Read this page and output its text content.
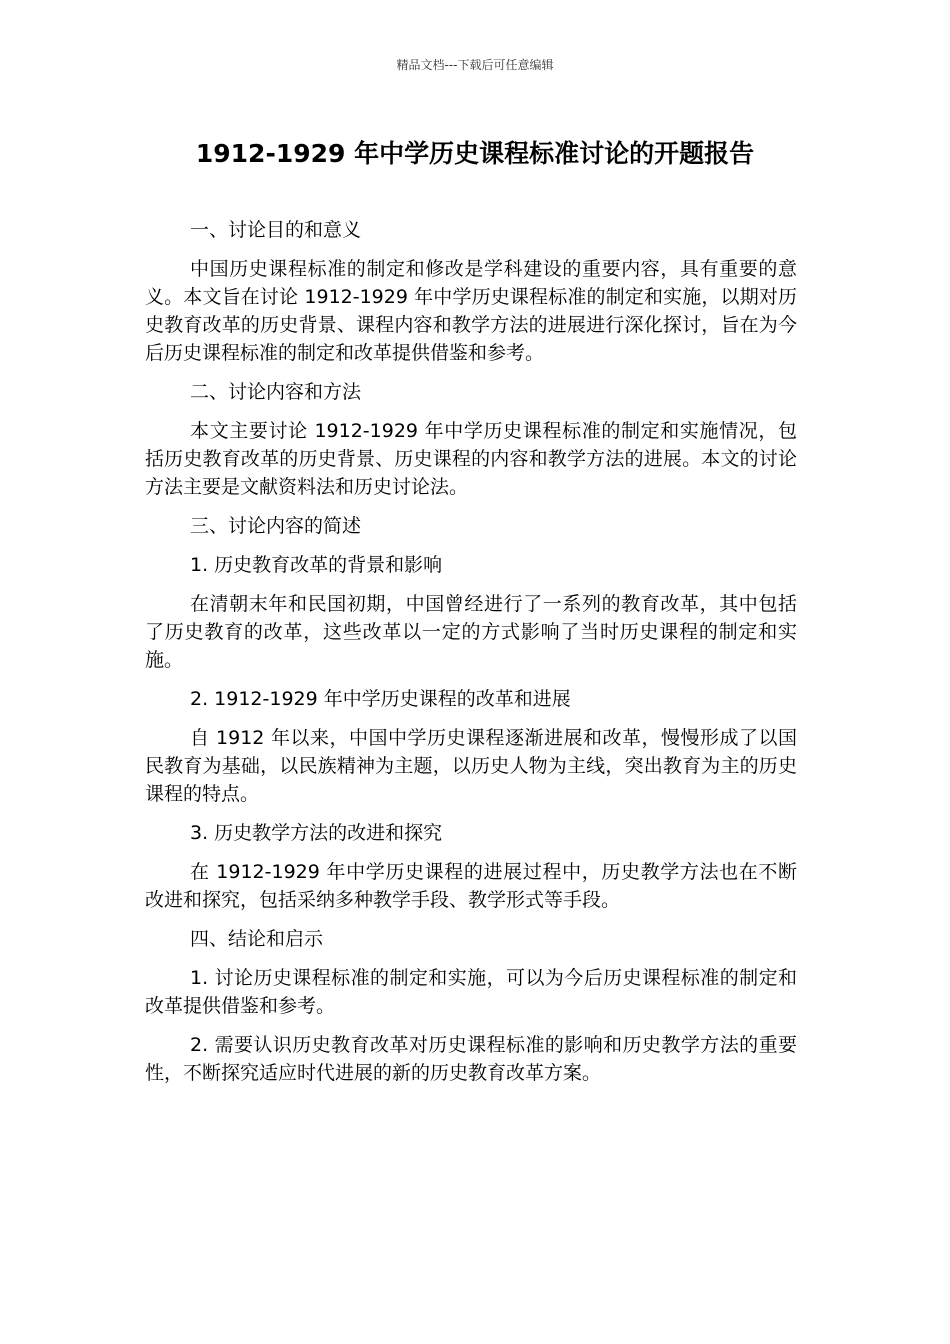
精品文档---下载后可任意编辑
1912-1929 年中学历史课程标准讨论的开题报告

一、讨论目的和意义

中国历史课程标准的制定和修改是学科建设的重要内容，具有重要的意义。本文旨在讨论 1912-1929 年中学历史课程标准的制定和实施，以期对历史教育改革的历史背景、课程内容和教学方法的进展进行深化探讨，旨在为今后历史课程标准的制定和改革提供借鉴和参考。

二、讨论内容和方法

本文主要讨论 1912-1929 年中学历史课程标准的制定和实施情况，包括历史教育改革的历史背景、历史课程的内容和教学方法的进展。本文的讨论方法主要是文献资料法和历史讨论法。

三、讨论内容的简述

1. 历史教育改革的背景和影响

在清朝末年和民国初期，中国曾经进行了一系列的教育改革，其中包括了历史教育的改革，这些改革以一定的方式影响了当时历史课程的制定和实施。

2. 1912-1929 年中学历史课程的改革和进展

自 1912 年以来，中国中学历史课程逐渐进展和改革，慢慢形成了以国民教育为基础，以民族精神为主题，以历史人物为主线，突出教育为主的历史课程的特点。

3. 历史教学方法的改进和探究

在 1912-1929 年中学历史课程的进展过程中，历史教学方法也在不断改进和探究，包括采纳多种教学手段、教学形式等手段。

四、结论和启示

1. 讨论历史课程标准的制定和实施，可以为今后历史课程标准的制定和改革提供借鉴和参考。

2. 需要认识历史教育改革对历史课程标准的影响和历史教学方法的重要性，不断探究适应时代进展的新的历史教育改革方案。
